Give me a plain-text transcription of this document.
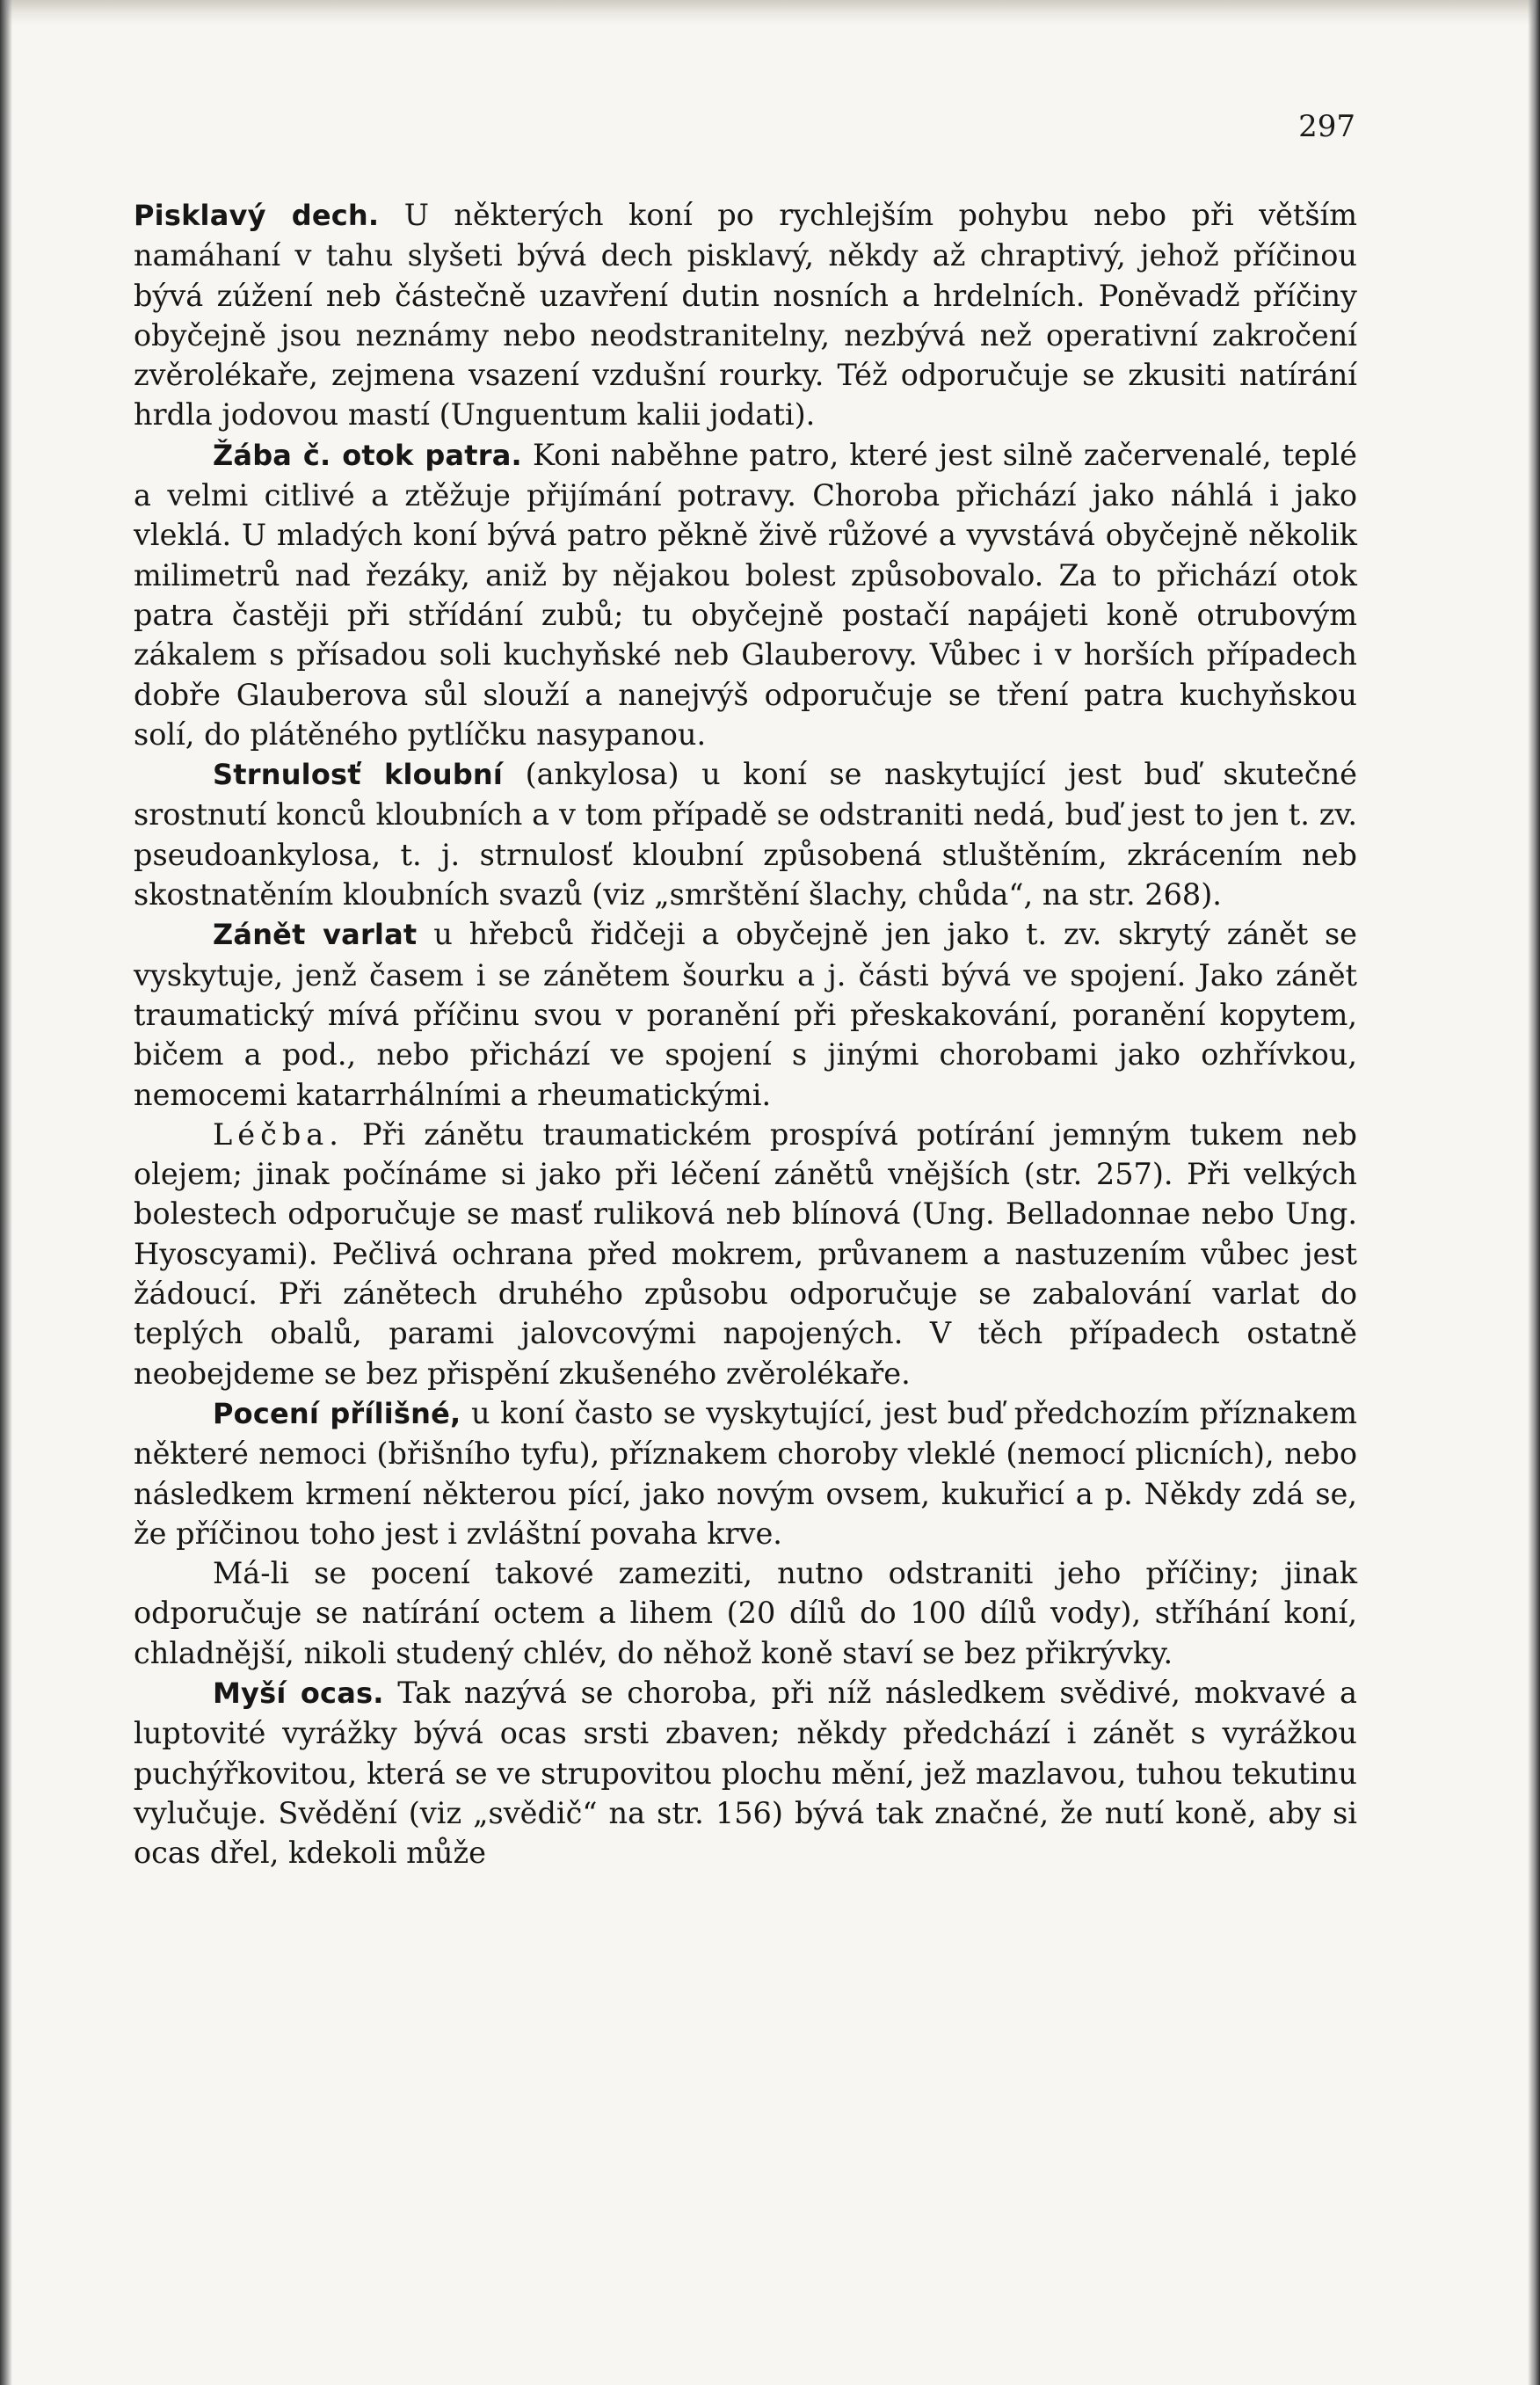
297

Pisklavý dech. U některých koní po rychlejším pohybu nebo při větším namáhaní v tahu slyšeti bývá dech pisklavý, někdy až chraptivý, jehož příčinou bývá zúžení neb částečně uzavření dutin nosních a hrdelních. Poněvadž příčiny obyčejně jsou neznámy nebo neodstranitelny, nezbývá než operativní zakročení zvěrolékaře, zejmena vsazení vzdušní rourky. Též odporučuje se zkusiti natírání hrdla jodovou mastí (Unguentum kalii jodati).

Žába č. otok patra. Koni naběhne patro, které jest silně začervenalé, teplé a velmi citlivé a ztěžuje přijímání potravy. Choroba přichází jako náhlá i jako vleklá. U mladých koní bývá patro pěkně živě růžové a vyvstává obyčejně několik milimetrů nad řezáky, aniž by nějakou bolest způsobovalo. Za to přichází otok patra častěji při střídání zubů; tu obyčejně postačí napájeti koně otrubovým zákalem s přísadou soli kuchyňské neb Glauberovy. Vůbec i v horších případech dobře Glauberova sůl slouží a nanejvýš odporučuje se tření patra kuchyňskou solí, do plátěného pytlíčku nasypanou.

Strnulosť kloubní (ankylosa) u koní se naskytující jest buď skutečné srostnutí konců kloubních a v tom případě se odstraniti nedá, buď jest to jen t. zv. pseudoankylosa, t. j. strnulosť kloubní způsobená stluštěním, zkrácením neb skostnatěním kloubních svazů (viz „smrštění šlachy, chůda“, na str. 268).

Zánět varlat u hřebců řidčeji a obyčejně jen jako t. zv. skrytý zánět se vyskytuje, jenž časem i se zánětem šourku a j. části bývá ve spojení. Jako zánět traumatický mívá příčinu svou v poranění při přeskakování, poranění kopytem, bičem a pod., nebo přichází ve spojení s jinými chorobami jako ozhřívkou, nemocemi katarrhálními a rheumatickými.

Léčba. Při zánětu traumatickém prospívá potírání jemným tukem neb olejem; jinak počínáme si jako při léčení zánětů vnějších (str. 257). Při velkých bolestech odporučuje se masť ruliková neb blínová (Ung. Belladonnae nebo Ung. Hyoscyami). Pečlivá ochrana před mokrem, průvanem a nastuzením vůbec jest žádoucí. Při zánětech druhého způsobu odporučuje se zabalování varlat do teplých obalů, parami jalovcovými napojených. V těch případech ostatně neobejdeme se bez přispění zkušeného zvěrolékaře.

Pocení přílišné, u koní často se vyskytující, jest buď předchozím příznakem některé nemoci (břišního tyfu), příznakem choroby vleklé (nemocí plicních), nebo následkem krmení některou pící, jako novým ovsem, kukuřicí a p. Někdy zdá se, že příčinou toho jest i zvláštní povaha krve.

Má-li se pocení takové zameziti, nutno odstraniti jeho příčiny; jinak odporučuje se natírání octem a lihem (20 dílů do 100 dílů vody), stříhání koní, chladnější, nikoli studený chlév, do něhož koně staví se bez přikrývky.

Myší ocas. Tak nazývá se choroba, při níž následkem svědivé, mokvavé a luptovité vyrážky bývá ocas srsti zbaven; někdy předchází i zánět s vyrážkou puchýřkovitou, která se ve strupovitou plochu mění, jež mazlavou, tuhou tekutinu vylučuje. Svědění (viz „svědič“ na str. 156) bývá tak značné, že nutí koně, aby si ocas dřel, kdekoli může
